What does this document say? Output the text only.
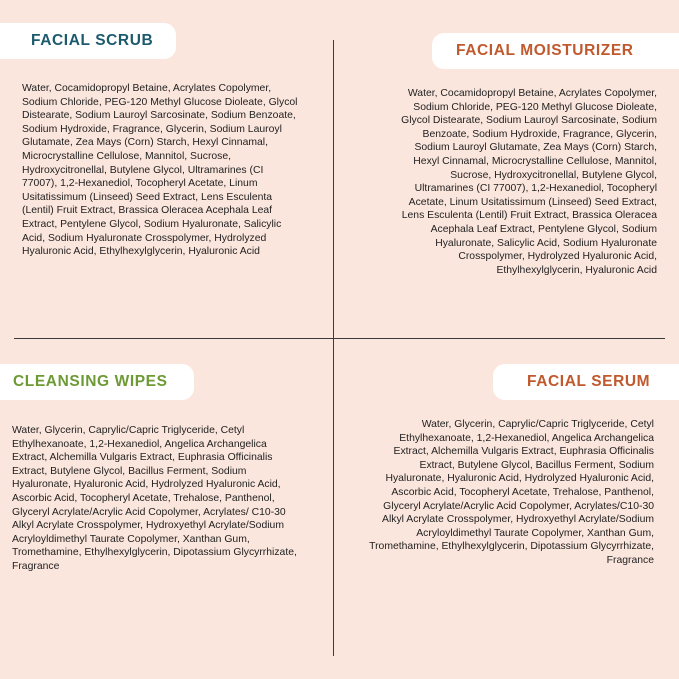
FACIAL SCRUB

Water, Cocamidopropyl Betaine, Acrylates Copolymer, Sodium Chloride, PEG-120 Methyl Glucose Dioleate, Glycol Distearate, Sodium Lauroyl Sarcosinate, Sodium Benzoate, Sodium Hydroxide, Fragrance, Glycerin, Sodium Lauroyl Glutamate, Zea Mays (Corn) Starch, Hexyl Cinnamal, Microcrystalline Cellulose, Mannitol, Sucrose, Hydroxycitronellal, Butylene Glycol, Ultramarines (CI 77007), 1,2-Hexanediol, Tocopheryl Acetate, Linum Usitatissimum (Linseed) Seed Extract, Lens Esculenta (Lentil) Fruit Extract, Brassica Oleracea Acephala Leaf Extract, Pentylene Glycol, Sodium Hyaluronate, Salicylic Acid, Sodium Hyaluronate Crosspolymer, Hydrolyzed Hyaluronic Acid, Ethylhexylglycerin, Hyaluronic Acid

FACIAL MOISTURIZER

Water, Cocamidopropyl Betaine, Acrylates Copolymer, Sodium Chloride, PEG-120 Methyl Glucose Dioleate, Glycol Distearate, Sodium Lauroyl Sarcosinate, Sodium Benzoate, Sodium Hydroxide, Fragrance, Glycerin, Sodium Lauroyl Glutamate, Zea Mays (Corn) Starch, Hexyl Cinnamal, Microcrystalline Cellulose, Mannitol, Sucrose, Hydroxycitronellal, Butylene Glycol, Ultramarines (CI 77007), 1,2-Hexanediol, Tocopheryl Acetate, Linum Usitatissimum (Linseed) Seed Extract, Lens Esculenta (Lentil) Fruit Extract, Brassica Oleracea Acephala Leaf Extract, Pentylene Glycol, Sodium Hyaluronate, Salicylic Acid, Sodium Hyaluronate Crosspolymer, Hydrolyzed Hyaluronic Acid, Ethylhexylglycerin, Hyaluronic Acid

CLEANSING WIPES

Water, Glycerin, Caprylic/Capric Triglyceride, Cetyl Ethylhexanoate, 1,2-Hexanediol, Angelica Archangelica Extract, Alchemilla Vulgaris Extract, Euphrasia Officinalis Extract, Butylene Glycol, Bacillus Ferment, Sodium Hyaluronate, Hyaluronic Acid, Hydrolyzed Hyaluronic Acid, Ascorbic Acid, Tocopheryl Acetate, Trehalose, Panthenol, Glyceryl Acrylate/Acrylic Acid Copolymer, Acrylates/ C10-30 Alkyl Acrylate Crosspolymer, Hydroxyethyl Acrylate/Sodium Acryloyldimethyl Taurate Copolymer, Xanthan Gum, Tromethamine, Ethylhexylglycerin, Dipotassium Glycyrrhizate, Fragrance

FACIAL SERUM

Water, Glycerin, Caprylic/Capric Triglyceride, Cetyl Ethylhexanoate, 1,2-Hexanediol, Angelica Archangelica Extract, Alchemilla Vulgaris Extract, Euphrasia Officinalis Extract, Butylene Glycol, Bacillus Ferment, Sodium Hyaluronate, Hyaluronic Acid, Hydrolyzed Hyaluronic Acid, Ascorbic Acid, Tocopheryl Acetate, Trehalose, Panthenol, Glyceryl Acrylate/Acrylic Acid Copolymer, Acrylates/C10-30 Alkyl Acrylate Crosspolymer, Hydroxyethyl Acrylate/Sodium Acryloyldimethyl Taurate Copolymer, Xanthan Gum, Tromethamine, Ethylhexylglycerin, Dipotassium Glycyrrhizate, Fragrance
